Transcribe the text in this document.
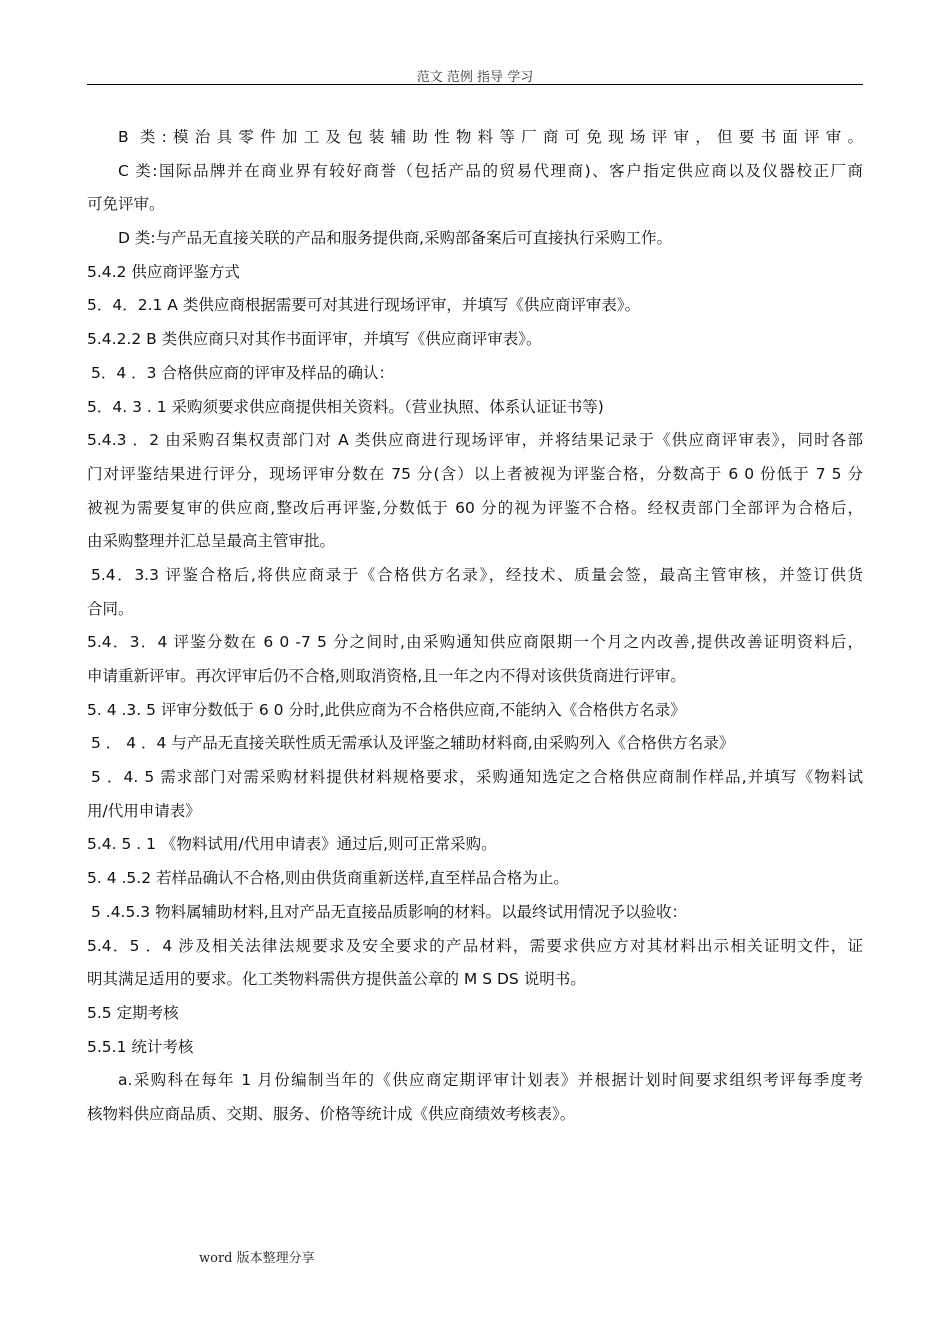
范文 范例 指导 学习
B 类:模治具零件加工及包装辅助性物料等厂商可免现场评审，但要书面评审。
C 类:国际品牌并在商业界有较好商誉（包括产品的贸易代理商)、客户指定供应商以及仪器校正厂商
可免评审。
D 类:与产品无直接关联的产品和服务提供商,采购部备案后可直接执行采购工作。
5.4.2 供应商评鉴方式
5．4．2.1 A 类供应商根据需要可对其进行现场评审，并填写《供应商评审表》。
5.4.2.2 B 类供应商只对其作书面评审，并填写《供应商评审表》。
5．4 ．3 合格供应商的评审及样品的确认：
5．4. 3 . 1 采购须要求供应商提供相关资料。（营业执照、体系认证证书等)
5.4.3 ．2 由采购召集权责部门对 A 类供应商进行现场评审，并将结果记录于《供应商评审表》，同时各部
门对评鉴结果进行评分，现场评审分数在 75 分(含）以上者被视为评鉴合格，分数高于 6 0 份低于 7 5 分
被视为需要复审的供应商,整改后再评鉴,分数低于 60 分的视为评鉴不合格。经权责部门全部评为合格后，
由采购整理并汇总呈最高主管审批。
5.4．3.3 评鉴合格后,将供应商录于《合格供方名录》，经技术、质量会签，最高主管审核，并签订供货
合同。
5.4．3．4 评鉴分数在 6 0 -7 5 分之间时,由采购通知供应商限期一个月之内改善,提供改善证明资料后，
申请重新评审。再次评审后仍不合格,则取消资格,且一年之内不得对该供货商进行评审。
5. 4 .3. 5 评审分数低于 6 0 分时,此供应商为不合格供应商,不能纳入《合格供方名录》
5 ． 4 ．4 与产品无直接关联性质无需承认及评鉴之辅助材料商,由采购列入《合格供方名录》
5 ．4. 5 需求部门对需采购材料提供材料规格要求，采购通知选定之合格供应商制作样品,并填写《物料试
用/代用申请表》
5.4. 5 . 1 《物料试用/代用申请表》通过后,则可正常采购。
5. 4 .5.2 若样品确认不合格,则由供货商重新送样,直至样品合格为止。
5 .4.5.3 物料属辅助材料,且对产品无直接品质影响的材料。以最终试用情况予以验收：
5.4．5 ．4 涉及相关法律法规要求及安全要求的产品材料，需要求供应方对其材料出示相关证明文件，证
明其满足适用的要求。化工类物料需供方提供盖公章的 M S DS 说明书。
5.5 定期考核
5.5.1 统计考核
a.采购科在每年 1 月份编制当年的《供应商定期评审计划表》并根据计划时间要求组织考评每季度考
核物料供应商品质、交期、服务、价格等统计成《供应商绩效考核表》。
word 版本整理分享
